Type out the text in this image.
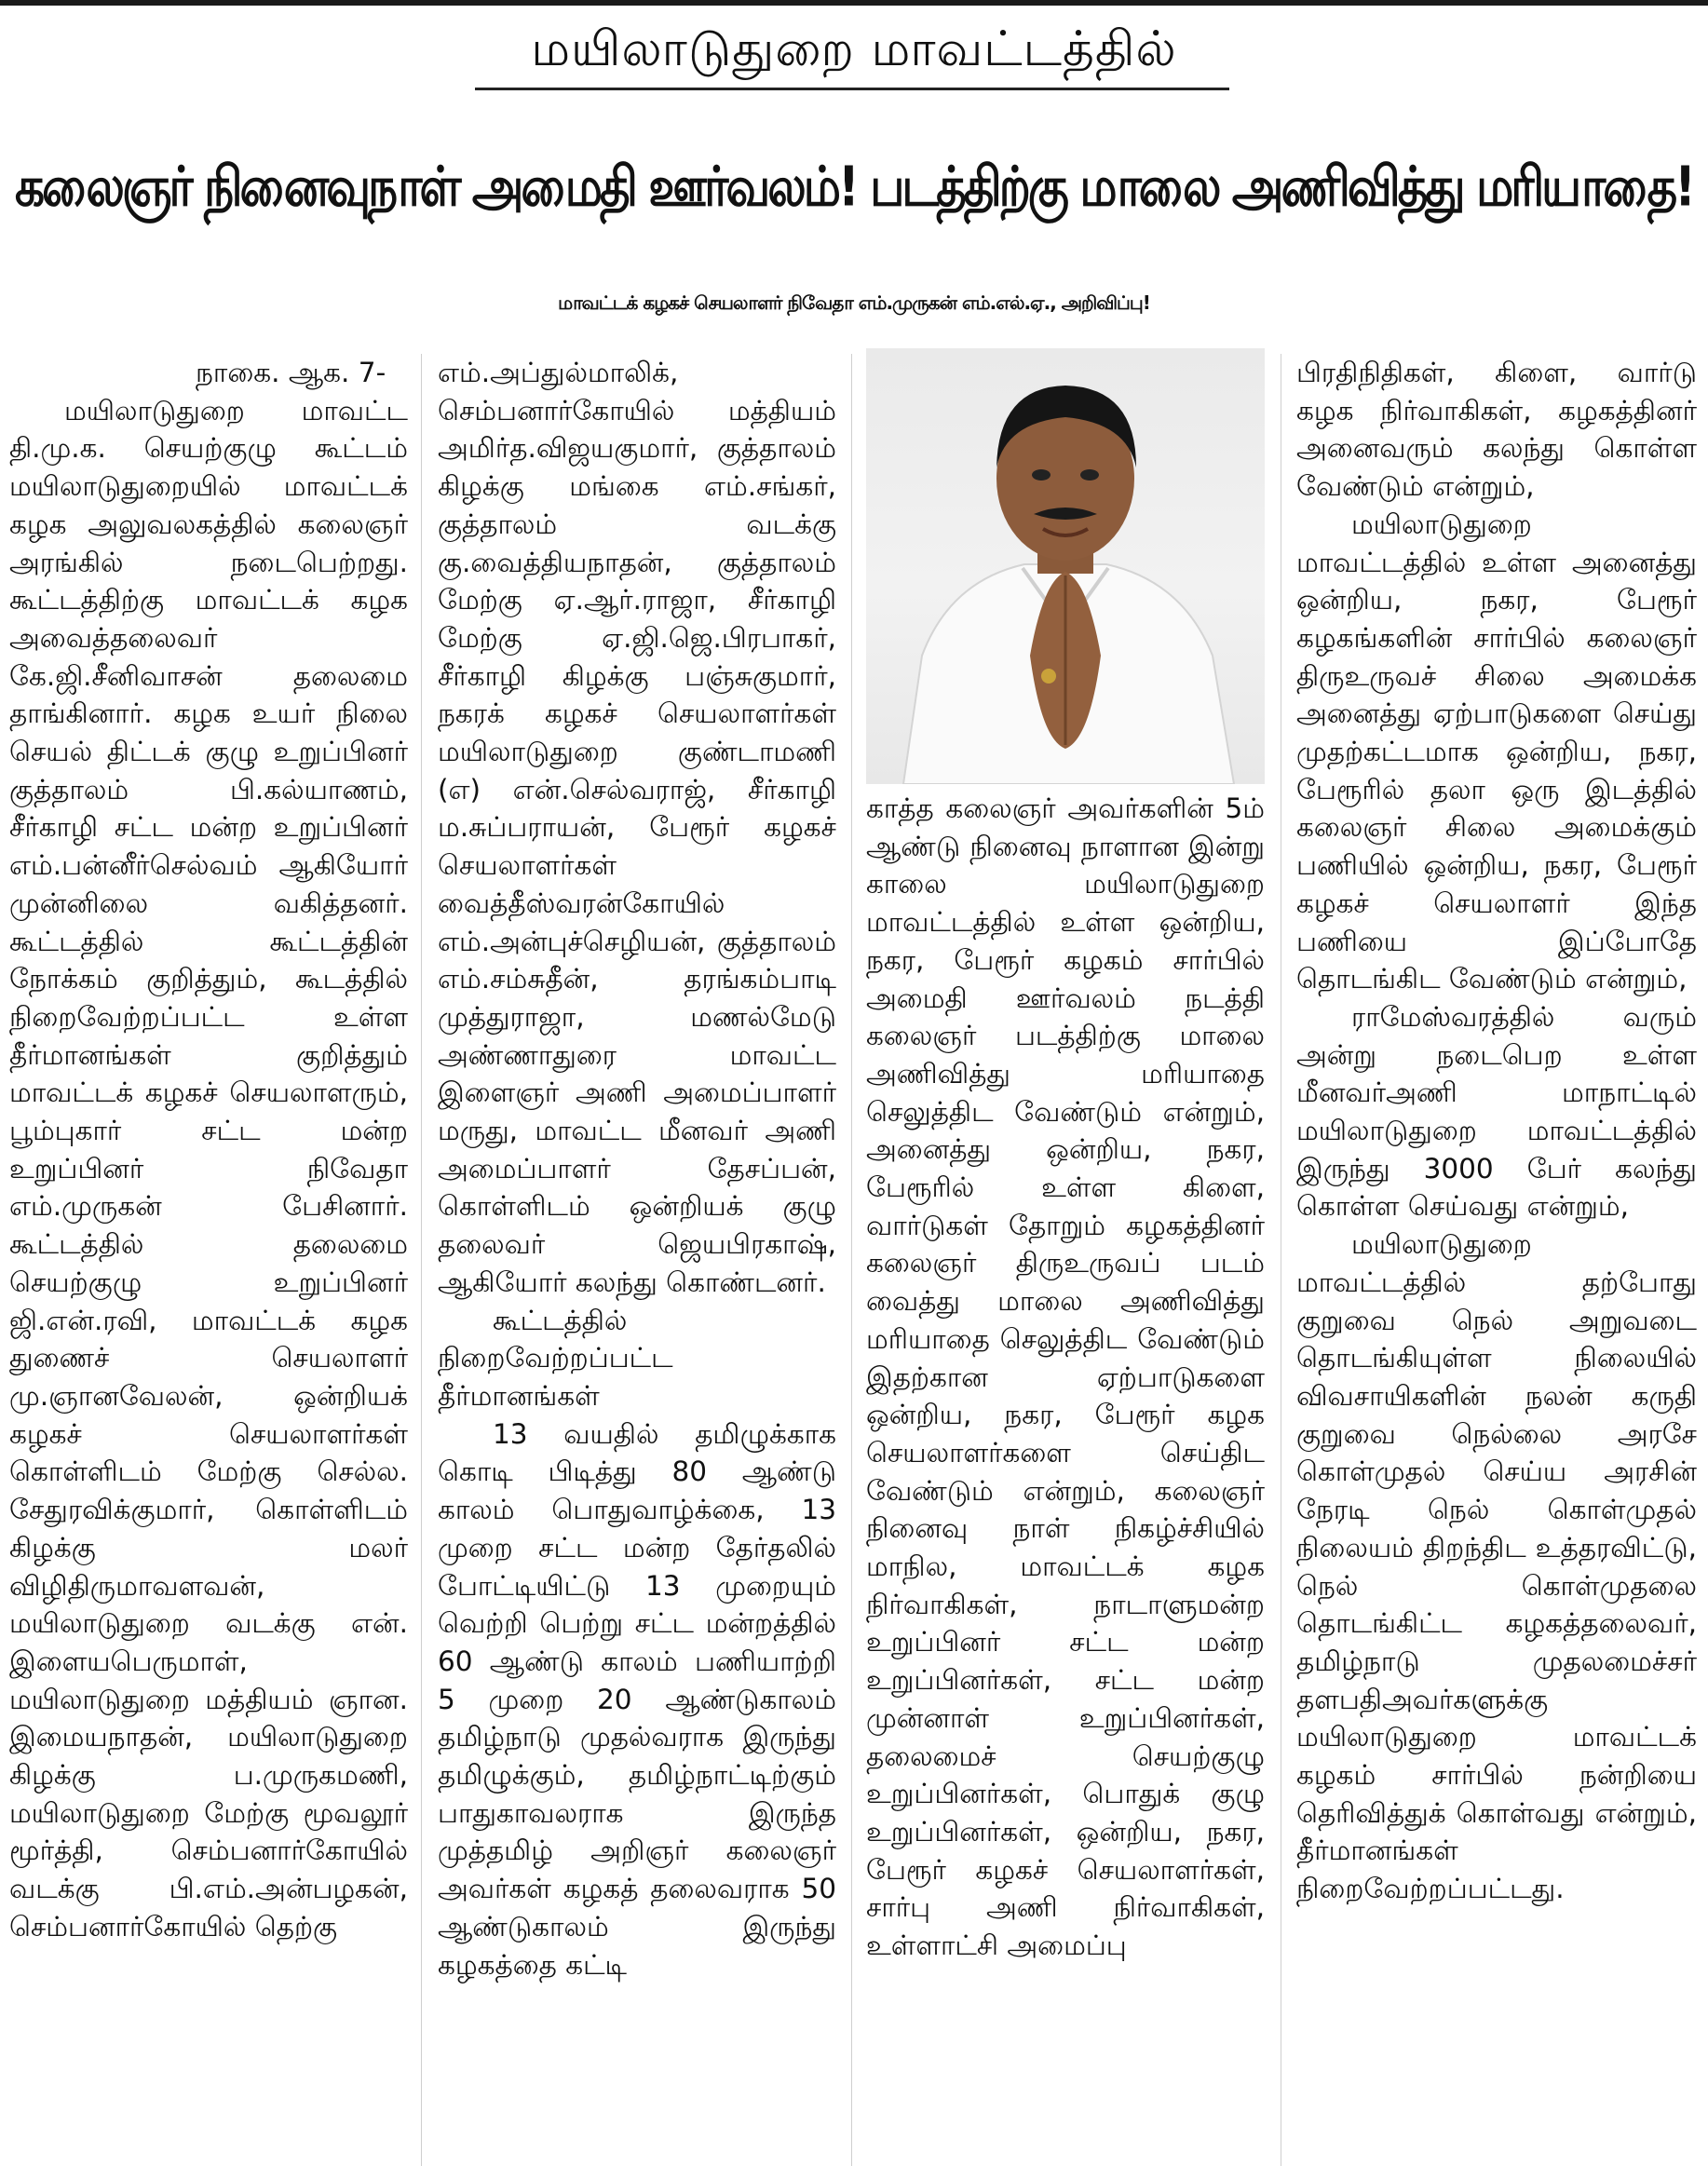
மயிலாடுதுறை மாவட்டத்தில்
கலைஞர் நினைவுநாள் அமைதி ஊர்வலம்! படத்திற்கு மாலை அணிவித்து மரியாதை!
மாவட்டக் கழகச் செயலாளர் நிவேதா எம்.முருகன் எம்.எல்.ஏ., அறிவிப்பு!

நாகை. ஆக. 7-

மயிலாடுதுறை மாவட்ட தி.மு.க. செயற்குழு கூட்டம் மயிலாடுதுறையில் மாவட்டக் கழக அலுவலகத்தில் கலைஞர் அரங்கில் நடைபெற்றது. கூட்டத்திற்கு மாவட்டக் கழக அவைத்தலைவர் கே.ஜி.சீனிவாசன் தலைமை தாங்கினார். கழக உயர் நிலை செயல் திட்டக் குழு உறுப்பினர் குத்தாலம் பி.கல்யாணம், சீர்காழி சட்ட மன்ற உறுப்பினர் எம்.பன்னீர்செல்வம் ஆகியோர் முன்னிலை வகித்தனர். கூட்டத்தில் கூட்டத்தின் நோக்கம் குறித்தும், கூடத்தில் நிறைவேற்றப்பட்ட உள்ள தீர்மானங்கள் குறித்தும் மாவட்டக் கழகச் செயலாளரும், பூம்புகார் சட்ட மன்ற உறுப்பினர் நிவேதா எம்.முருகன் பேசினார். கூட்டத்தில் தலைமை செயற்குழு உறுப்பினர் ஜி.என்.ரவி, மாவட்டக் கழக துணைச் செயலாளர் மு.ஞானவேலன், ஒன்றியக் கழகச் செயலாளர்கள் கொள்ளிடம் மேற்கு செல்ல. சேதுரவிக்குமார், கொள்ளிடம் கிழக்கு மலர் விழிதிருமாவளவன், மயிலாடுதுறை வடக்கு என். இளையபெருமாள், மயிலாடுதுறை மத்தியம் ஞான. இமையநாதன், மயிலாடுதுறை கிழக்கு ப.முருகமணி, மயிலாடுதுறை மேற்கு மூவலூர் மூர்த்தி, செம்பனார்கோயில் வடக்கு பி.எம்.அன்பழகன், செம்பனார்கோயில் தெற்கு

எம்.அப்துல்மாலிக், செம்பனார்கோயில் மத்தியம் அமிர்த.விஜயகுமார், குத்தாலம் கிழக்கு மங்கை எம்.சங்கர், குத்தாலம் வடக்கு கு.வைத்தியநாதன், குத்தாலம் மேற்கு ஏ.ஆர்.ராஜா, சீர்காழி மேற்கு ஏ.ஜி.ஜெ.பிரபாகர், சீர்காழி கிழக்கு பஞ்சுகுமார், நகரக் கழகச் செயலாளர்கள் மயிலாடுதுறை குண்டாமணி (எ) என்.செல்வராஜ், சீர்காழி ம.சுப்பராயன், பேரூர் கழகச் செயலாளர்கள் வைத்தீஸ்வரன்கோயில் எம்.அன்புச்செழியன், குத்தாலம் எம்.சம்சுதீன், தரங்கம்பாடி முத்துராஜா, மணல்மேடு அண்ணாதுரை மாவட்ட இளைஞர் அணி அமைப்பாளர் மருது, மாவட்ட மீனவர் அணி அமைப்பாளர் தேசப்பன், கொள்ளிடம் ஒன்றியக் குழு தலைவர் ஜெயபிரகாஷ், ஆகியோர் கலந்து கொண்டனர்.

கூட்டத்தில் நிறைவேற்றப்பட்ட தீர்மானங்கள்

13 வயதில் தமிழுக்காக கொடி பிடித்து 80 ஆண்டு காலம் பொதுவாழ்க்கை, 13 முறை சட்ட மன்ற தேர்தலில் போட்டியிட்டு 13 முறையும் வெற்றி பெற்று சட்ட மன்றத்தில் 60 ஆண்டு காலம் பணியாற்றி 5 முறை 20 ஆண்டுகாலம் தமிழ்நாடு முதல்வராக இருந்து தமிழுக்கும், தமிழ்நாட்டிற்கும் பாதுகாவலராக இருந்த முத்தமிழ் அறிஞர் கலைஞர் அவர்கள் கழகத் தலைவராக 50 ஆண்டுகாலம் இருந்து கழகத்தை கட்டி

காத்த கலைஞர் அவர்களின் 5ம் ஆண்டு நினைவு நாளான இன்று காலை மயிலாடுதுறை மாவட்டத்தில் உள்ள ஒன்றிய, நகர, பேரூர் கழகம் சார்பில் அமைதி ஊர்வலம் நடத்தி கலைஞர் படத்திற்கு மாலை அணிவித்து மரியாதை செலுத்திட வேண்டும் என்றும், அனைத்து ஒன்றிய, நகர, பேரூரில் உள்ள கிளை, வார்டுகள் தோறும் கழகத்தினர் கலைஞர் திருஉருவப் படம் வைத்து மாலை அணிவித்து மரியாதை செலுத்திட வேண்டும் இதற்கான ஏற்பாடுகளை ஒன்றிய, நகர, பேரூர் கழக செயலாளர்களை செய்திட வேண்டும் என்றும், கலைஞர் நினைவு நாள் நிகழ்ச்சியில் மாநில, மாவட்டக் கழக நிர்வாகிகள், நாடாளுமன்ற உறுப்பினர் சட்ட மன்ற உறுப்பினர்கள், சட்ட மன்ற முன்னாள் உறுப்பினர்கள், தலைமைச் செயற்குழு உறுப்பினர்கள், பொதுக் குழு உறுப்பினர்கள், ஒன்றிய, நகர, பேரூர் கழகச் செயலாளர்கள், சார்பு அணி நிர்வாகிகள், உள்ளாட்சி அமைப்பு

பிரதிநிதிகள், கிளை, வார்டு கழக நிர்வாகிகள், கழகத்தினர் அனைவரும் கலந்து கொள்ள வேண்டும் என்றும்,

மயிலாடுதுறை மாவட்டத்தில் உள்ள அனைத்து ஒன்றிய, நகர, பேரூர் கழகங்களின் சார்பில் கலைஞர் திருஉருவச் சிலை அமைக்க அனைத்து ஏற்பாடுகளை செய்து முதற்கட்டமாக ஒன்றிய, நகர, பேரூரில் தலா ஒரு இடத்தில் கலைஞர் சிலை அமைக்கும் பணியில் ஒன்றிய, நகர, பேரூர் கழகச் செயலாளர் இந்த பணியை இப்போதே தொடங்கிட வேண்டும் என்றும்,

ராமேஸ்வரத்தில் வரும் அன்று நடைபெற உள்ள மீனவர்அணி மாநாட்டில் மயிலாடுதுறை மாவட்டத்தில் இருந்து 3000 பேர் கலந்து கொள்ள செய்வது என்றும்,

மயிலாடுதுறை மாவட்டத்தில் தற்போது குறுவை நெல் அறுவடை தொடங்கியுள்ள நிலையில் விவசாயிகளின் நலன் கருதி குறுவை நெல்லை அரசே கொள்முதல் செய்ய அரசின் நேரடி நெல் கொள்முதல் நிலையம் திறந்திட உத்தரவிட்டு, நெல் கொள்முதலை தொடங்கிட்ட கழகத்தலைவர், தமிழ்நாடு முதலமைச்சர் தளபதிஅவர்களுக்கு மயிலாடுதுறை மாவட்டக் கழகம் சார்பில் நன்றியை தெரிவித்துக் கொள்வது என்றும், தீர்மானங்கள் நிறைவேற்றப்பட்டது.
